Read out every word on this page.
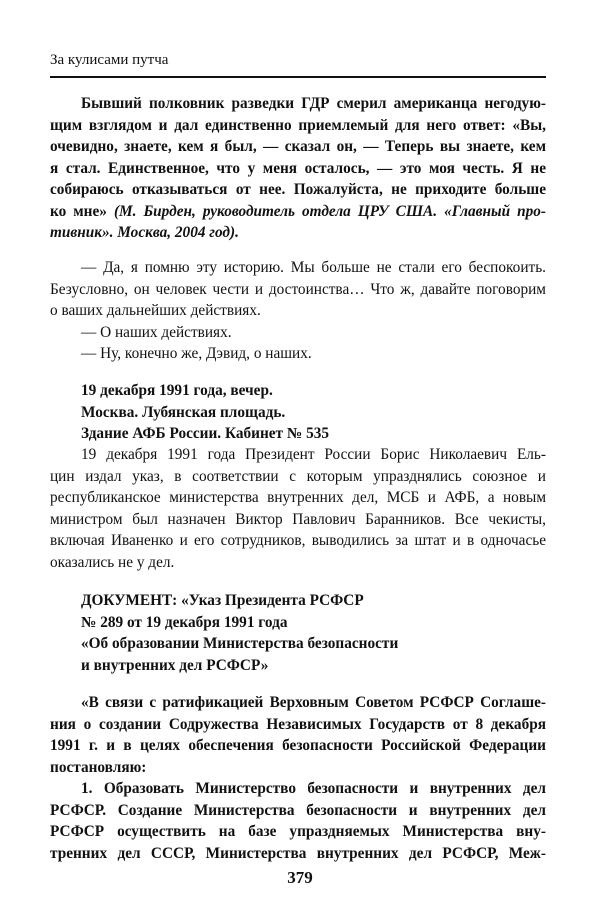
За кулисами путча
Бывший полковник разведки ГДР смерил американца негодую-
щим взглядом и дал единственно приемлемый для него ответ: «Вы,
очевидно, знаете, кем я был, — сказал он, — Теперь вы знаете, кем
я стал. Единственное, что у меня осталось, — это моя честь. Я не
собираюсь отказываться от нее. Пожалуйста, не приходите больше
ко мне» (М. Бирден, руководитель отдела ЦРУ США. «Главный про-
тивник». Москва, 2004 год).
— Да, я помню эту историю. Мы больше не стали его беспокоить.
Безусловно, он человек чести и достоинства… Что ж, давайте поговорим
о ваших дальнейших действиях.
— О наших действиях.
— Ну, конечно же, Дэвид, о наших.
19 декабря 1991 года, вечер.
Москва. Лубянская площадь.
Здание АФБ России. Кабинет № 535
19 декабря 1991 года Президент России Борис Николаевич Ель-
цин издал указ, в соответствии с которым упразднялись союзное и
республиканское министерства внутренних дел, МСБ и АФБ, а новым
министром был назначен Виктор Павлович Баранников. Все чекисты,
включая Иваненко и его сотрудников, выводились за штат и в одночасье
оказались не у дел.
ДОКУМЕНТ: «Указ Президента РСФСР
№ 289 от 19 декабря 1991 года
«Об образовании Министерства безопасности
и внутренних дел РСФСР»
«В связи с ратификацией Верховным Советом РСФСР Соглаше-
ния о создании Содружества Независимых Государств от 8 декабря
1991 г. и в целях обеспечения безопасности Российской Федерации
постановляю:
1. Образовать Министерство безопасности и внутренних дел
РСФСР. Создание Министерства безопасности и внутренних дел
РСФСР осуществить на базе упраздняемых Министерства вну-
тренних дел СССР, Министерства внутренних дел РСФСР, Меж-
379
